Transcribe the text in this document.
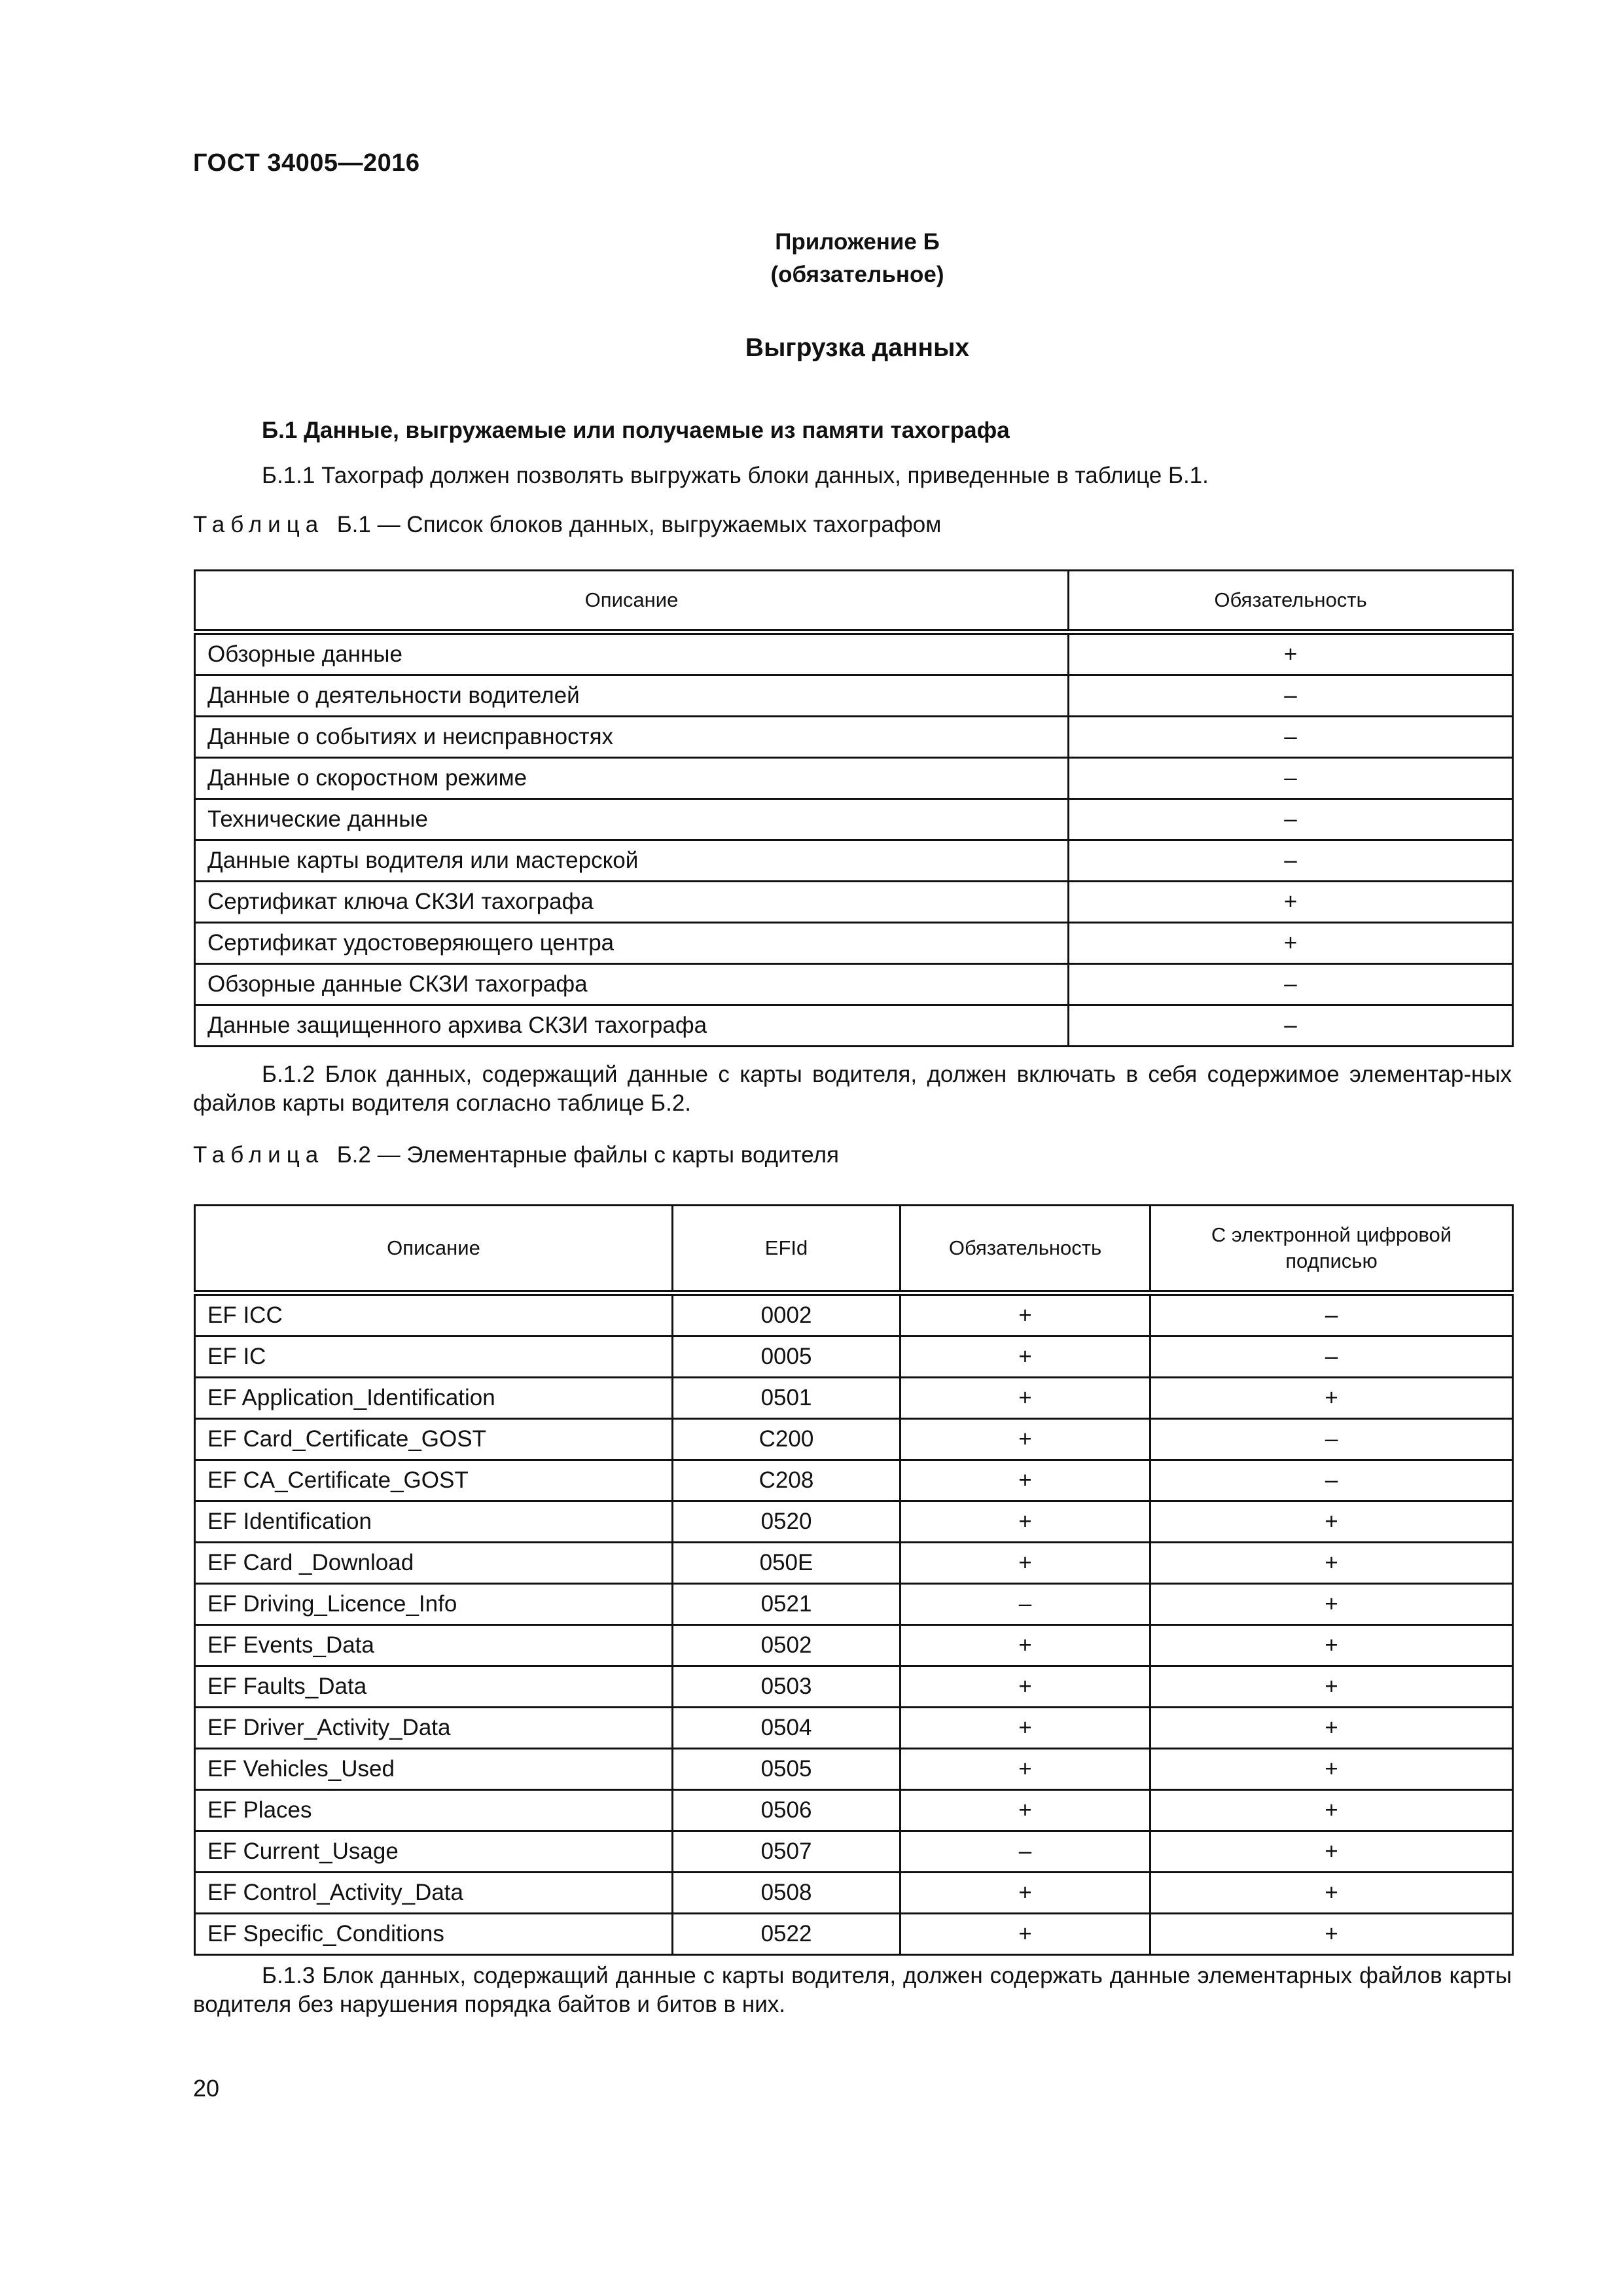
ГОСТ 34005—2016
Приложение Б
(обязательное)
Выгрузка данных
Б.1 Данные, выгружаемые или получаемые из памяти тахографа
Б.1.1 Тахограф должен позволять выгружать блоки данных, приведенные в таблице Б.1.
Таблица Б.1 — Список блоков данных, выгружаемых тахографом
Описание	Обязательность
Обзорные данные	+
Данные о деятельности водителей	–
Данные о событиях и неисправностях	–
Данные о скоростном режиме	–
Технические данные	–
Данные карты водителя или мастерской	–
Сертификат ключа СКЗИ тахографа	+
Сертификат удостоверяющего центра	+
Обзорные данные СКЗИ тахографа	–
Данные защищенного архива СКЗИ тахографа	–
Б.1.2 Блок данных, содержащий данные с карты водителя, должен включать в себя содержимое элементар-ных файлов карты водителя согласно таблице Б.2.
Таблица Б.2 — Элементарные файлы с карты водителя
Описание	EFId	Обязательность	С электронной цифровой подписью
EF ICC	0002	+	–
EF IC	0005	+	–
EF Application_Identification	0501	+	+
EF Card_Certificate_GOST	C200	+	–
EF CA_Certificate_GOST	C208	+	–
EF Identification	0520	+	+
EF Card _Download	050E	+	+
EF Driving_Licence_Info	0521	–	+
EF Events_Data	0502	+	+
EF Faults_Data	0503	+	+
EF Driver_Activity_Data	0504	+	+
EF Vehicles_Used	0505	+	+
EF Places	0506	+	+
EF Current_Usage	0507	–	+
EF Control_Activity_Data	0508	+	+
EF Specific_Conditions	0522	+	+
Б.1.3 Блок данных, содержащий данные с карты водителя, должен содержать данные элементарных файлов карты водителя без нарушения порядка байтов и битов в них.
20
